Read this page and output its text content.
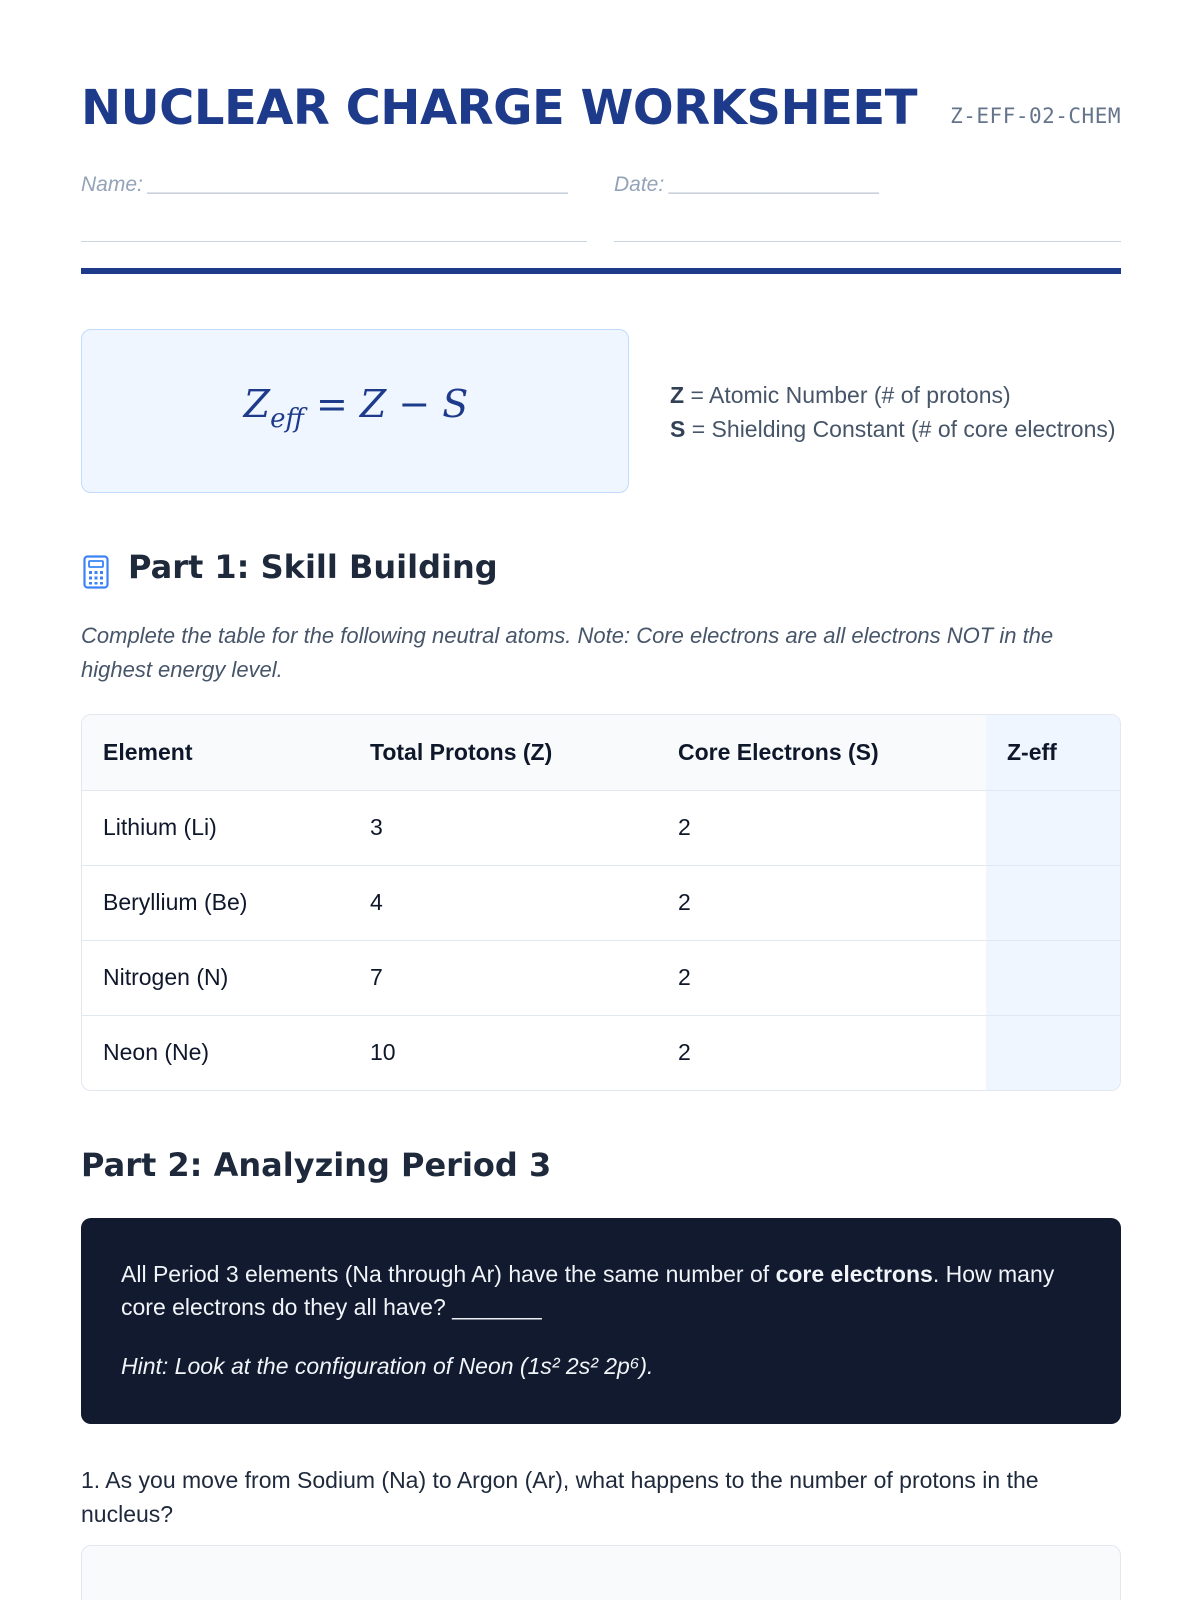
NUCLEAR CHARGE WORKSHEET Z-EFF-02-CHEM
Name: ____________________________________	Date: __________________
$Z_{eff} = Z - S$	Z = Atomic Number (# of protons)
S = Shielding Constant (# of core electrons)
Part 1: Skill Building
Complete the table for the following neutral atoms. Note: Core electrons are all electrons NOT in the highest energy level.
Element	Total Protons (Z)	Core Electrons (S)	Z-eff
Lithium (Li)	3	2	
Beryllium (Be)	4	2	
Nitrogen (N)	7	2	
Neon (Ne)	10	2	
Part 2: Analyzing Period 3
All Period 3 elements (Na through Ar) have the same number of core electrons. How many core electrons do they all have? _______
Hint: Look at the configuration of Neon (1s² 2s² 2p⁶).
1. As you move from Sodium (Na) to Argon (Ar), what happens to the number of protons in the nucleus?
